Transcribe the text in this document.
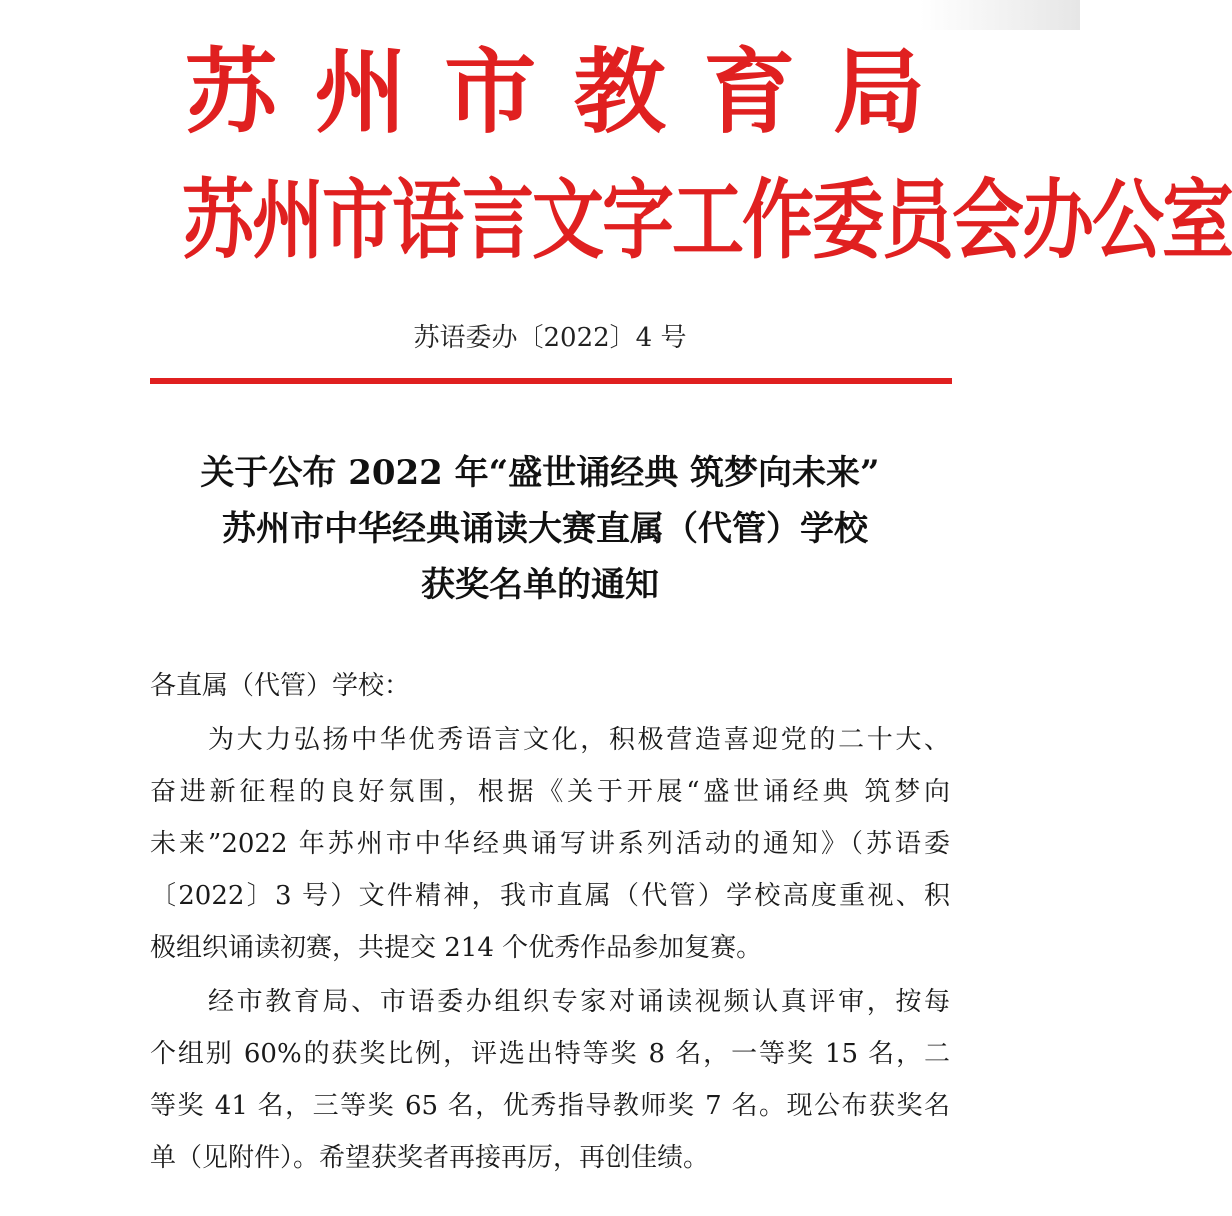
苏 州 市 教 育 局
苏州市语言文字工作委员会办公室
苏语委办〔2022〕4 号
关于公布 2022 年“盛世诵经典 筑梦向未来”
苏州市中华经典诵读大赛直属（代管）学校
获奖名单的通知
各直属（代管）学校：
为大力弘扬中华优秀语言文化，积极营造喜迎党的二十大、
奋进新征程的良好氛围，根据《关于开展“盛世诵经典 筑梦向
未来”2022 年苏州市中华经典诵写讲系列活动的通知》（苏语委
〔2022〕3 号）文件精神，我市直属（代管）学校高度重视、积
极组织诵读初赛，共提交 214 个优秀作品参加复赛。
经市教育局、市语委办组织专家对诵读视频认真评审，按每
个组别 60%的获奖比例，评选出特等奖 8 名，一等奖 15 名，二
等奖 41 名，三等奖 65 名，优秀指导教师奖 7 名。现公布获奖名
单（见附件）。希望获奖者再接再厉，再创佳绩。
